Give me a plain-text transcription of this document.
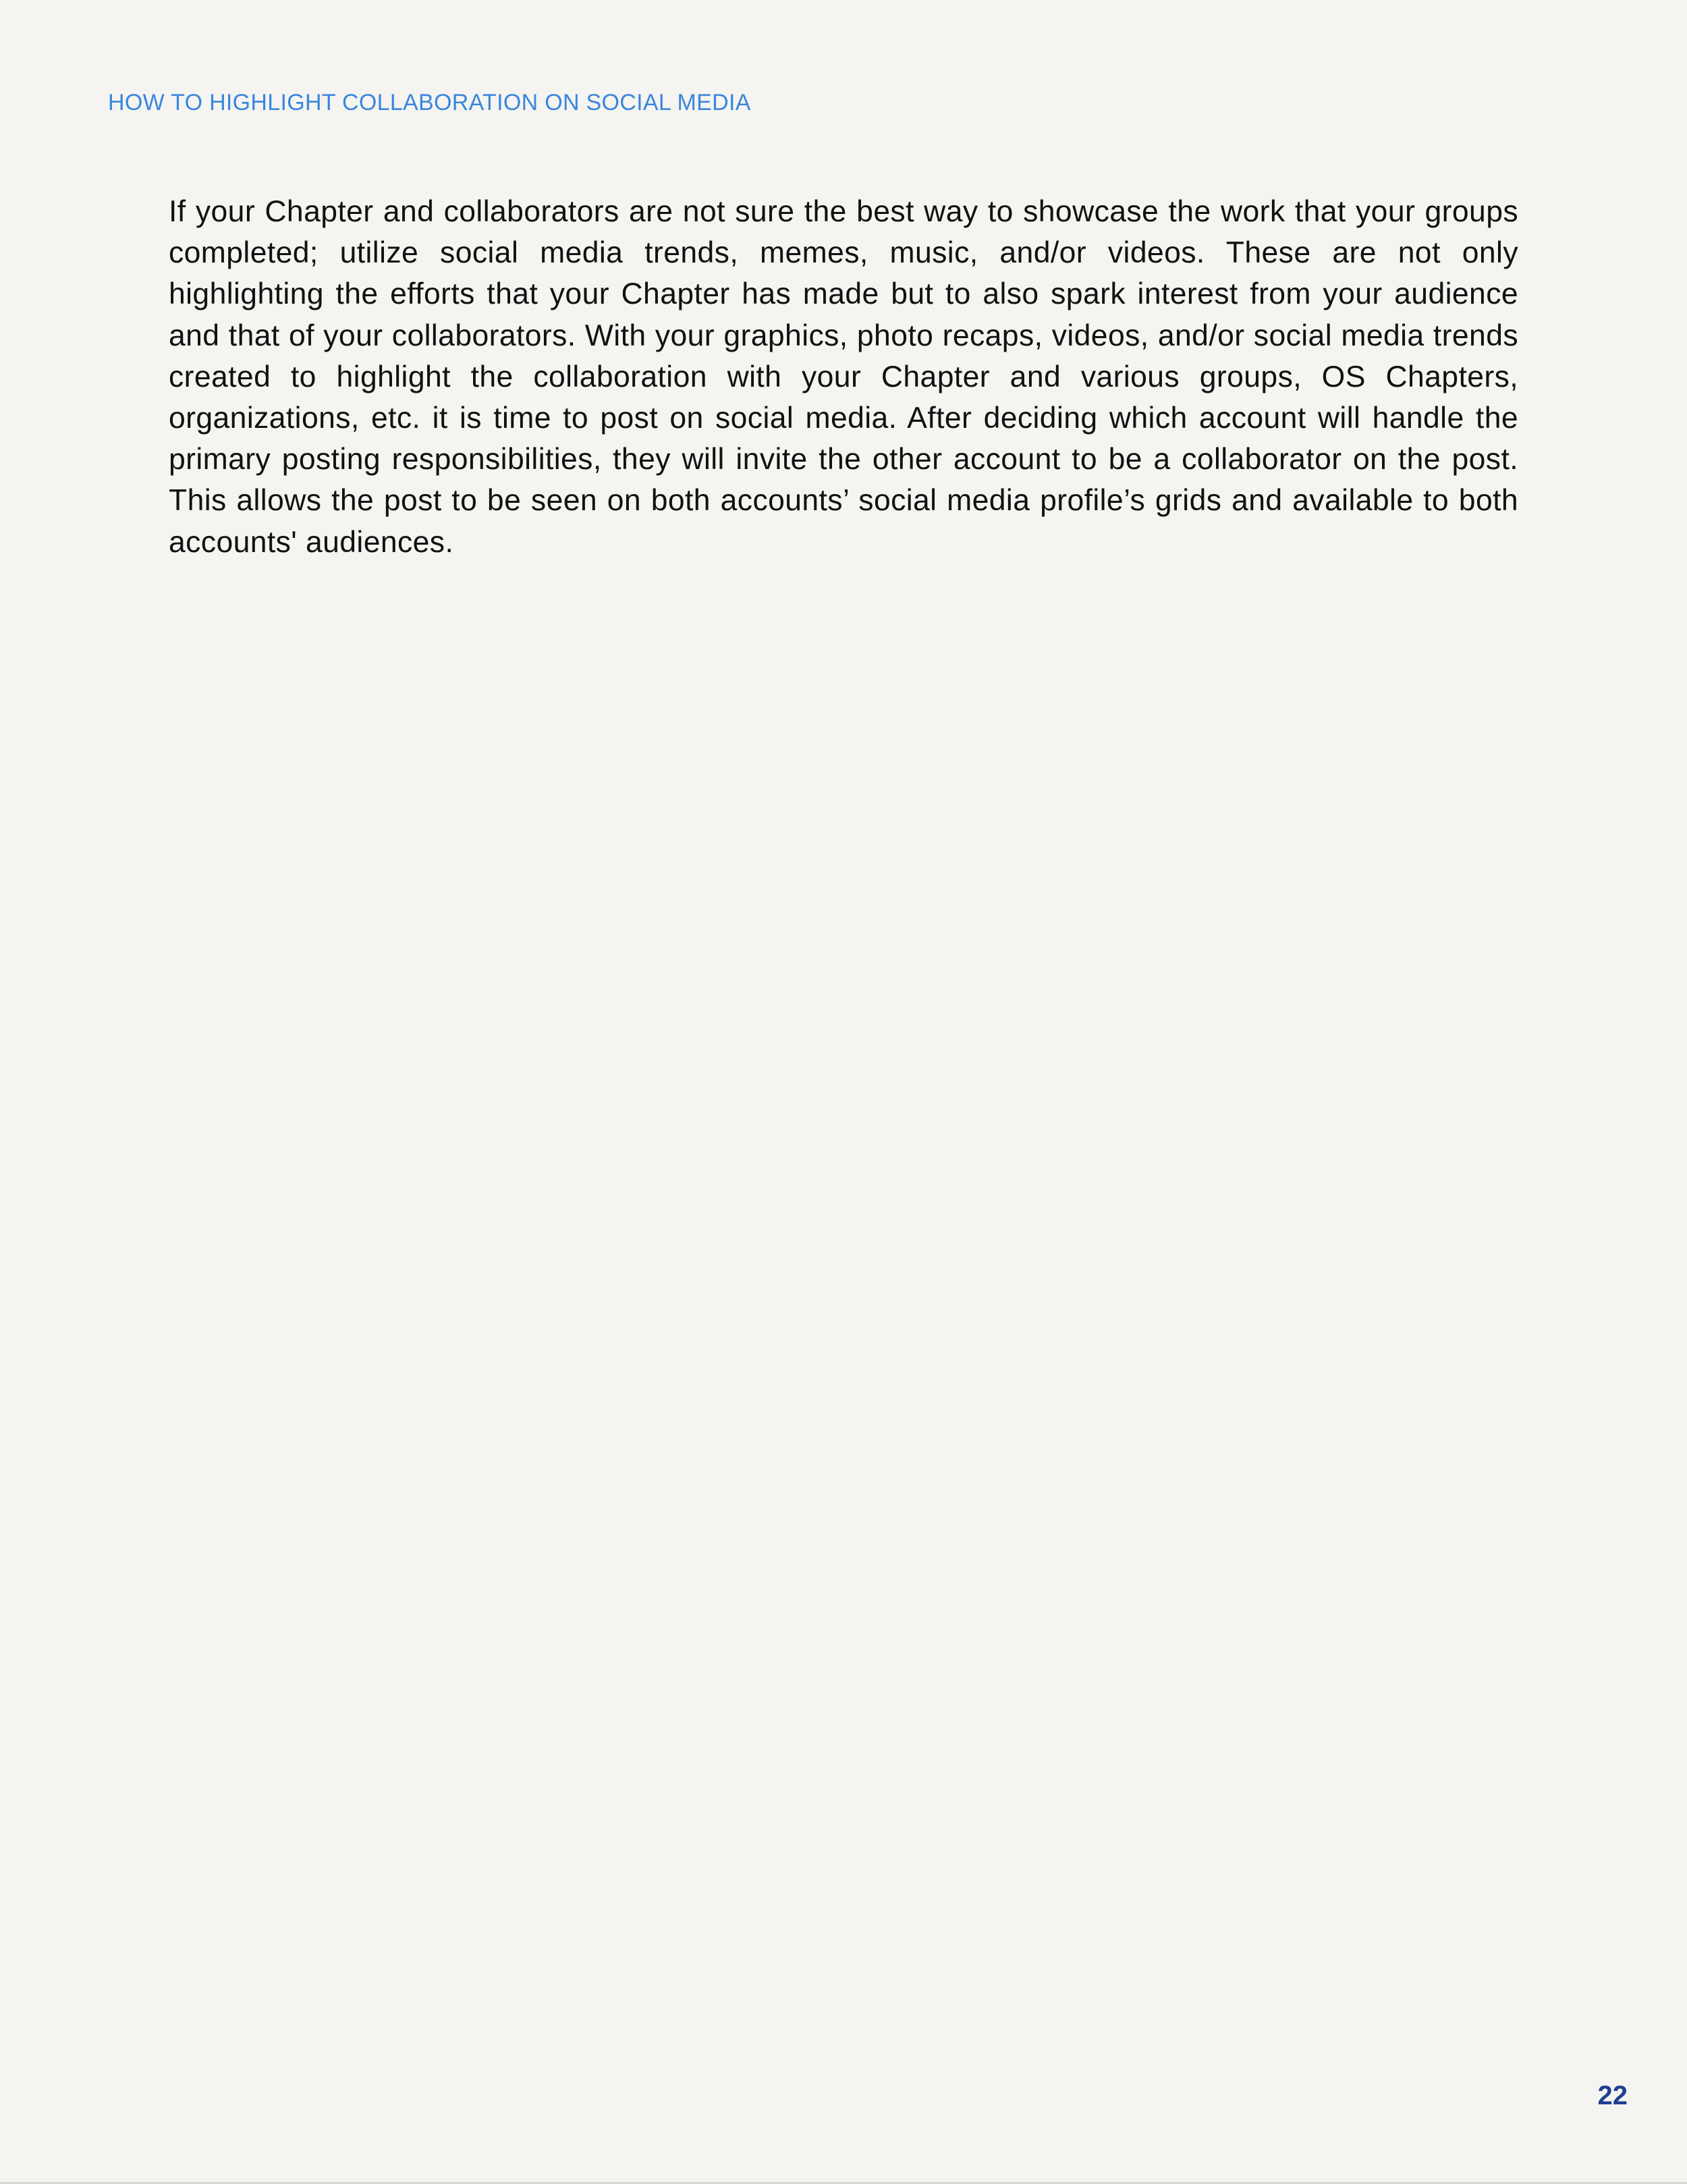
HOW TO HIGHLIGHT COLLABORATION ON SOCIAL MEDIA

If your Chapter and collaborators are not sure the best way to showcase the work that your groups completed; utilize social media trends, memes, music, and/or videos. These are not only highlighting the efforts that your Chapter has made but to also spark interest from your audience and that of your collaborators. With your graphics, photo recaps, videos, and/or social media trends created to highlight the collaboration with your Chapter and various groups, OS Chapters, organizations, etc. it is time to post on social media. After deciding which account will handle the primary posting responsibilities, they will invite the other account to be a collaborator on the post. This allows the post to be seen on both accounts’ social media profile’s grids and available to both accounts' audiences.

22
